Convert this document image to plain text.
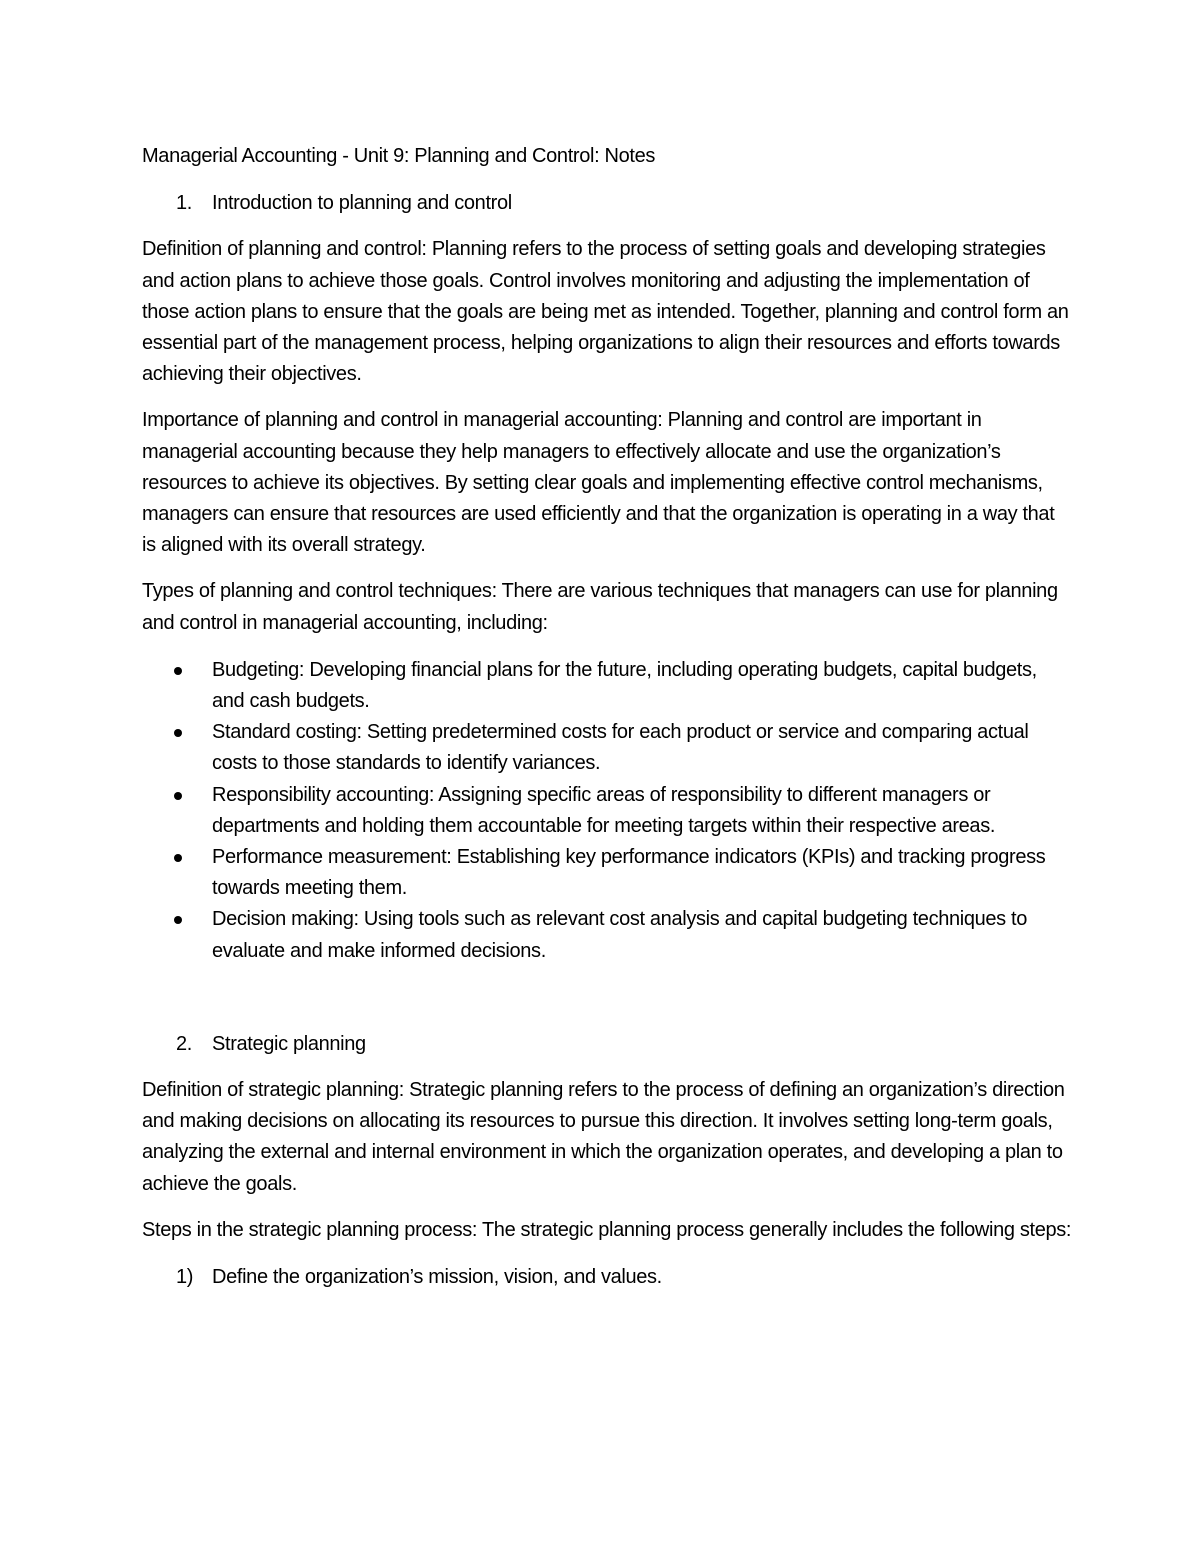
Managerial Accounting - Unit 9: Planning and Control: Notes
1.	Introduction to planning and control

Definition of planning and control: Planning refers to the process of setting goals and developing strategies and action plans to achieve those goals. Control involves monitoring and adjusting the implementation of those action plans to ensure that the goals are being met as intended. Together, planning and control form an essential part of the management process, helping organizations to align their resources and efforts towards achieving their objectives.

Importance of planning and control in managerial accounting: Planning and control are important in managerial accounting because they help managers to effectively allocate and use the organization’s resources to achieve its objectives. By setting clear goals and implementing effective control mechanisms, managers can ensure that resources are used efficiently and that the organization is operating in a way that is aligned with its overall strategy.

Types of planning and control techniques: There are various techniques that managers can use for planning and control in managerial accounting, including:

Budgeting: Developing financial plans for the future, including operating budgets, capital budgets, and cash budgets.
Standard costing: Setting predetermined costs for each product or service and comparing actual costs to those standards to identify variances.
Responsibility accounting: Assigning specific areas of responsibility to different managers or departments and holding them accountable for meeting targets within their respective areas.
Performance measurement: Establishing key performance indicators (KPIs) and tracking progress towards meeting them.
Decision making: Using tools such as relevant cost analysis and capital budgeting techniques to evaluate and make informed decisions.
2.	Strategic planning

Definition of strategic planning: Strategic planning refers to the process of defining an organization’s direction and making decisions on allocating its resources to pursue this direction. It involves setting long-term goals, analyzing the external and internal environment in which the organization operates, and developing a plan to achieve the goals.

Steps in the strategic planning process: The strategic planning process generally includes the following steps:

1) Define the organization’s mission, vision, and values.
